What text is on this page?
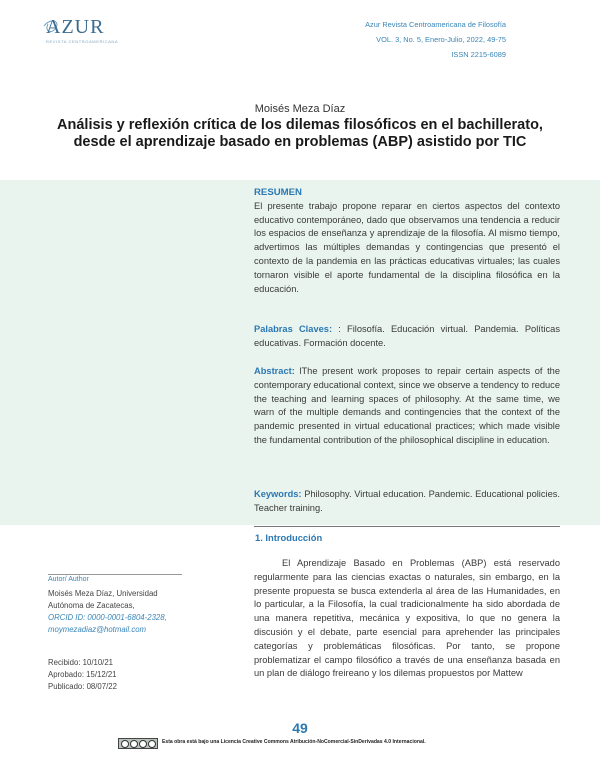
AZUR
REVISTA CENTROAMERICANA
Azur Revista Centroamericana de Filosofía
VOL. 3, No. 5, Enero-Julio, 2022, 49-75
ISSN 2215-6089
Moisés Meza Díaz
Análisis y reflexión crítica de los dilemas filosóficos en el bachillerato, desde el aprendizaje basado en problemas (ABP) asistido por TIC
RESUMEN
El presente trabajo propone reparar en ciertos aspectos del contexto educativo contemporáneo, dado que observamos una tendencia a reducir los espacios de enseñanza y aprendizaje de la filosofía. Al mismo tiempo, advertimos las múltiples demandas y contingencias que presentó el contexto de la pandemia en las prácticas educativas virtuales; las cuales tornaron visible el aporte fundamental de la disciplina filosófica en la educación.
Palabras Claves: : Filosofía. Educación virtual. Pandemia. Políticas educativas. Formación docente.
Abstract: lThe present work proposes to repair certain aspects of the contemporary educational context, since we observe a tendency to reduce the teaching and learning spaces of philosophy. At the same time, we warn of the multiple demands and contingencies that the context of the pandemic presented in virtual educational practices; which made visible the fundamental contribution of the philosophical discipline in education.
Keywords: Philosophy. Virtual education. Pandemic. Educational policies. Teacher training.
1. Introducción
El Aprendizaje Basado en Problemas (ABP) está reservado regularmente para las ciencias exactas o naturales, sin embargo, en la presente propuesta se busca extenderla al área de las Humanidades, en lo particular, a la Filosofía, la cual tradicionalmente ha sido abordada de una manera repetitiva, mecánica y expositiva, lo que no genera la discusión y el debate, parte esencial para aprehender las principales categorías y problemáticas filosóficas. Por tanto, se propone problematizar el campo filosófico a través de una enseñanza basada en un plan de diálogo freireano y los dilemas propuestos por Mattew
Autor/ Author
Moisés Meza Díaz, Universidad Autónoma de Zacatecas,
ORCID ID: 0000-0001-6804-2328,
moymezadiaz@hotmail.com
Recibido: 10/10/21
Aprobado: 15/12/21
Publicado: 08/07/22
49
Esta obra está bajo una Licencia Creative Commons Atribución-NoComercial-SinDerivadas 4.0 Internacional.
